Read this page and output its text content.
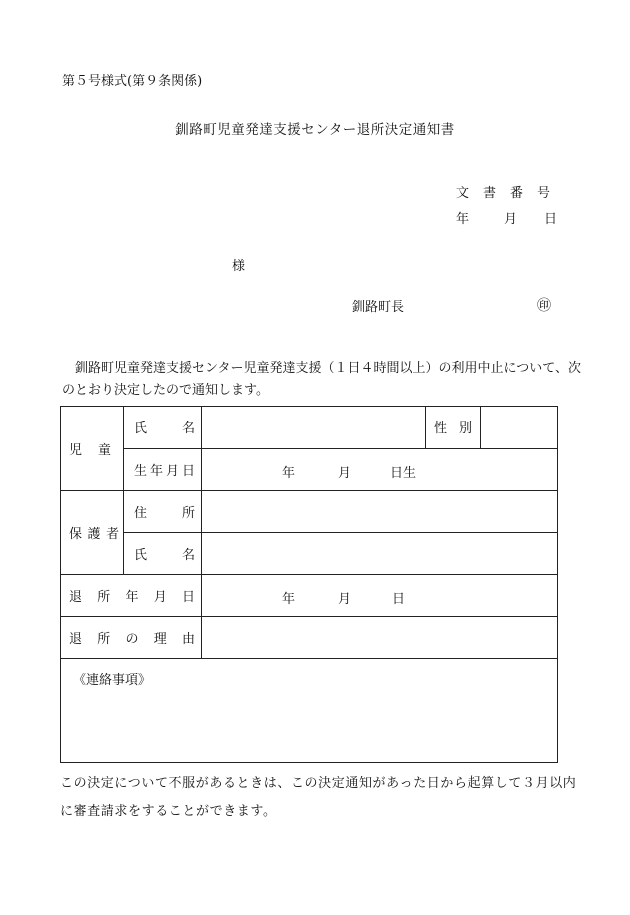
第５号様式(第９条関係)
釧路町児童発達支援センター退所決定通知書
文書番号
年	月 日
様
釧路町長	㊞
釧路町児童発達支援センター児童発達支援（１日４時間以上）の利用中止について、次のとおり決定したので通知します。
児 童	氏 名		性 別	

	生 年 月 日	年 月 日生		

保 護 者	住 所			

	氏 名			

退 所 年 月 日		年 月 日		

退 所 の 理 由				

《連絡事項》				
この決定について不服があるときは、この決定通知があった日から起算して３月以内に審査請求をすることができます。
